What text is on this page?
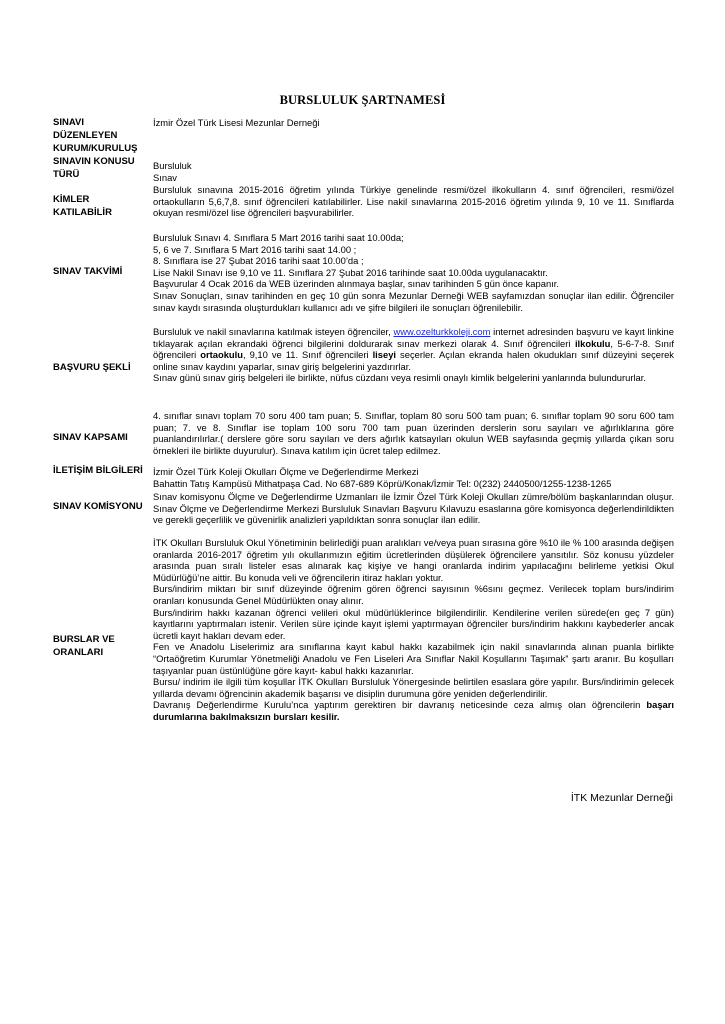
BURSLULUK ŞARTNAMESİ
SINAVI DÜZENLEYEN KURUM/KURULUŞ
SINAVIN KONUSU TÜRÜ
KİMLER KATILABİLİR
SINAV TAKVİMİ
BAŞVURU ŞEKLİ
SINAV KAPSAMI
İLETİŞİM BİLGİLERİ
SINAV KOMİSYONU
BURSLAR VE ORANLARI
İzmir Özel Türk Lisesi Mezunlar Derneği
Bursluluk
Sınav
Bursluluk sınavına 2015-2016 öğretim yılında Türkiye genelinde resmi/özel ilkokulların 4. sınıf öğrencileri, resmi/özel ortaokulların 5,6,7,8. sınıf öğrencileri katılabilirler. Lise nakil sınavlarına 2015-2016 öğretim yılında 9, 10 ve 11. Sınıflarda okuyan resmi/özel lise öğrencileri başvurabilirler.

Bursluluk Sınavı 4. Sınıflara 5 Mart 2016 tarihi saat 10.00da;

5, 6 ve 7. Sınıflara 5 Mart 2016 tarihi saat 14.00 ;

8. Sınıflara ise 27 Şubat 2016 tarihi saat 10.00’da ;

Lise Nakil Sınavı ise 9,10 ve 11. Sınıflara 27 Şubat 2016 tarihinde saat 10.00da uygulanacaktır.

Başvurular 4 Ocak 2016 da WEB üzerinden alınmaya başlar, sınav tarihinden 5 gün önce kapanır.

Sınav Sonuçları, sınav tarihinden en geç 10 gün sonra Mezunlar Derneği WEB sayfamızdan sonuçlar ilan edilir. Öğrenciler sınav kaydı sırasında oluşturdukları kullanıcı adı ve şifre bilgileri ile sonuçları öğrenilebilir.

Bursluluk ve nakil sınavlarına katılmak isteyen öğrenciler, www.ozelturkkoleji.com internet adresinden başvuru ve kayıt linkine tıklayarak açılan ekrandaki öğrenci bilgilerini doldurarak sınav merkezi olarak 4. Sınıf öğrencileri ilkokulu, 5-6-7-8. Sınıf öğrencileri ortaokulu, 9,10 ve 11. Sınıf öğrencileri liseyi seçerler. Açılan ekranda halen okudukları sınıf düzeyini seçerek online sınav kaydını yaparlar, sınav giriş belgelerini yazdırırlar.

Sınav günü sınav giriş belgeleri ile birlikte, nüfus cüzdanı veya resimli onaylı kimlik belgelerini yanlarında bulundururlar.

4. sınıflar sınavı toplam 70 soru 400 tam puan; 5. Sınıflar, toplam 80 soru 500 tam puan; 6. sınıflar toplam 90 soru 600 tam puan; 7. ve 8. Sınıflar ise toplam 100 soru 700 tam puan üzerinden derslerin soru sayıları ve ağırlıklarına göre puanlandırılırlar.( derslere göre soru sayıları ve ders ağırlık katsayıları okulun WEB sayfasında geçmiş yıllarda çıkan soru örnekleri ile birlikte duyurulur). Sınava katılım için ücret talep edilmez.

İzmir Özel Türk Koleji Okulları Ölçme ve Değerlendirme Merkezi

Bahattin Tatış Kampüsü Mithatpaşa Cad. No 687-689 Köprü/Konak/İzmir Tel: 0(232) 2440500/1255-1238-1265

Sınav komisyonu Ölçme ve Değerlendirme Uzmanları ile İzmir Özel Türk Koleji Okulları zümre/bölüm başkanlarından oluşur. Sınav Ölçme ve Değerlendirme Merkezi Bursluluk Sınavları Başvuru Kılavuzu esaslarına göre komisyonca değerlendirildikten ve gerekli geçerlilik ve güvenirlik analizleri yapıldıktan sonra sonuçlar ilan edilir.

İTK Okulları Bursluluk Okul Yönetiminin belirlediği puan aralıkları ve/veya puan sırasına göre %10 ile % 100 arasında değişen oranlarda 2016-2017 öğretim yılı okullarımızın eğitim ücretlerinden düşülerek öğrencilere yansıtılır. Söz konusu yüzdeler arasında puan sıralı listeler esas alınarak kaç kişiye ve hangi oranlarda indirim yapılacağını belirleme yetkisi Okul Müdürlüğü’ne aittir. Bu konuda veli ve öğrencilerin itiraz hakları yoktur.

Burs/indirim miktarı bir sınıf düzeyinde öğrenim gören öğrenci sayısının %6sını geçmez. Verilecek toplam burs/indirim oranları konusunda Genel Müdürlükten onay alınır.

Burs/indirim hakkı kazanan öğrenci velileri okul müdürlüklerince bilgilendirilir. Kendilerine verilen sürede(en geç 7 gün) kayıtlarını yaptırmaları istenir. Verilen süre içinde kayıt işlemi yaptırmayan öğrenciler burs/indirim hakkını kaybederler ancak ücretli kayıt hakları devam eder.

Fen ve Anadolu Liselerimiz ara sınıflarına kayıt kabul hakkı kazabilmek için nakil sınavlarında alınan puanla birlikte “Ortaöğretim Kurumlar Yönetmeliği Anadolu ve Fen Liseleri Ara Sınıflar Nakil Koşullarını Taşımak” şartı aranır. Bu koşulları taşıyanlar puan üstünlüğüne göre kayıt- kabul hakkı kazanırlar.

Bursu/ indirim ile ilgili tüm koşullar İTK Okulları Bursluluk Yönergesinde belirtilen esaslara göre yapılır. Burs/indirimin gelecek yıllarda devamı öğrencinin akademik başarısı ve disiplin durumuna göre yeniden değerlendirilir.

Davranış Değerlendirme Kurulu’nca yaptırım gerektiren bir davranış neticesinde ceza almış olan öğrencilerin başarı durumlarına bakılmaksızın bursları kesilir.

İTK Mezunlar Derneği
